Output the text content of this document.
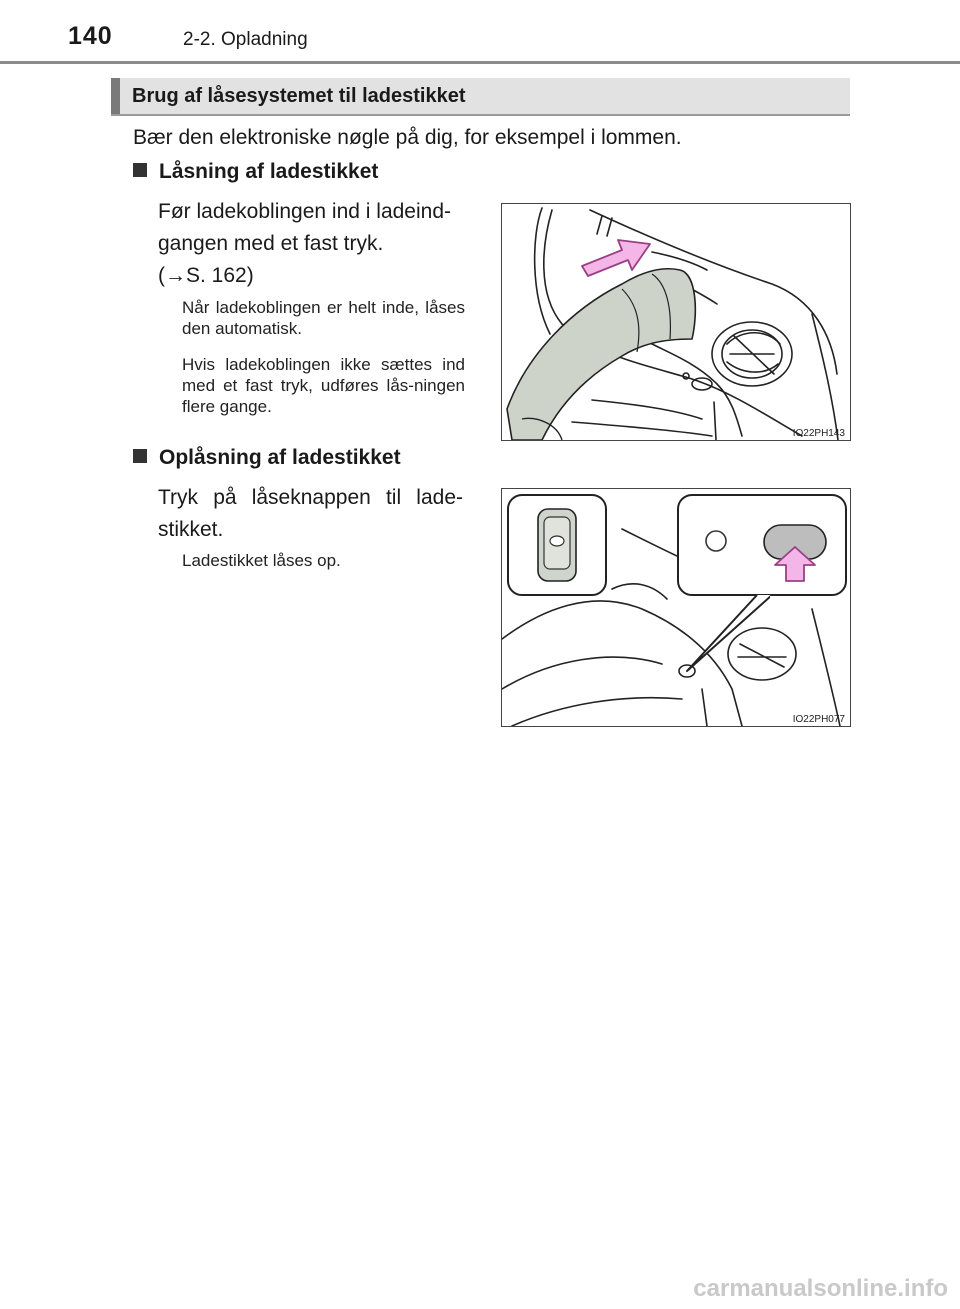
140	2-2. Opladning
Brug af låsesystemet til ladestikket
Bær den elektroniske nøgle på dig, for eksempel i lommen.
Låsning af ladestikket
Før ladekoblingen ind i ladeind-
gangen med et fast tryk.
(→S. 162)
Når ladekoblingen er helt inde, låses den automatisk.
Hvis ladekoblingen ikke sættes ind med et fast tryk, udføres lås-ningen flere gange.
IO22PH143
Oplåsning af ladestikket
Tryk på låseknappen til lade-stikket.
Ladestikket låses op.
IO22PH077
carmanualsonline.info
